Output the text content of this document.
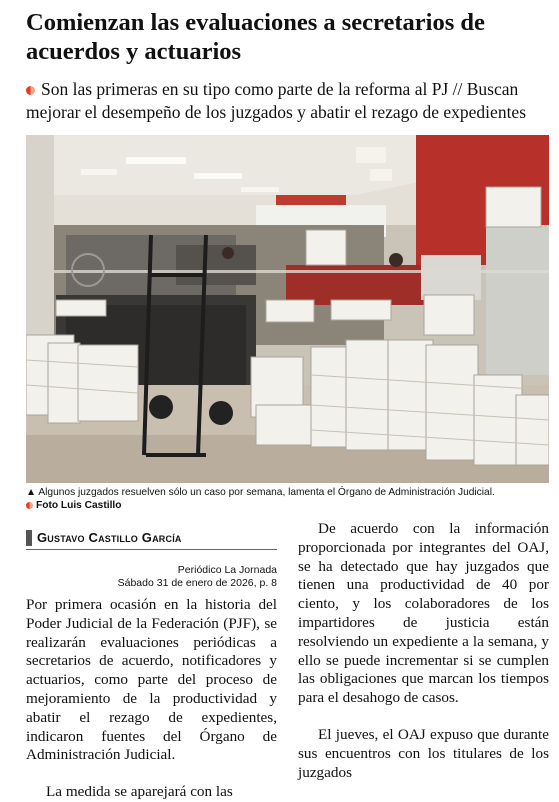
Comienzan las evaluaciones a secretarios de acuerdos y actuarios

Son las primeras en su tipo como parte de la reforma al PJ // Buscan mejorar el desempeño de los juzgados y abatir el rezago de expedientes

▲ Algunos juzgados resuelven sólo un caso por semana, lamenta el Órgano de Administración Judicial.
Foto Luis Castillo
Gustavo Castillo García
Periódico La Jornada
Sábado 31 de enero de 2026, p. 8

Por primera ocasión en la historia del Poder Judicial de la Federación (PJF), se realizarán evaluaciones periódicas a secretarios de acuerdo, notificadores y actuarios, como parte del proceso de mejoramiento de la productividad y abatir el rezago de expedientes, indicaron fuentes del Órgano de Administración Judicial.

La medida se aparejará con las

De acuerdo con la información proporcionada por integrantes del OAJ, se ha detectado que hay juzgados que tienen una productividad de 40 por ciento, y los colaboradores de los impartidores de justicia están resolviendo un expediente a la semana, y ello se puede incrementar si se cumplen las obligaciones que marcan los tiempos para el desahogo de casos.

El jueves, el OAJ expuso que durante sus encuentros con los titulares de los juzgados
